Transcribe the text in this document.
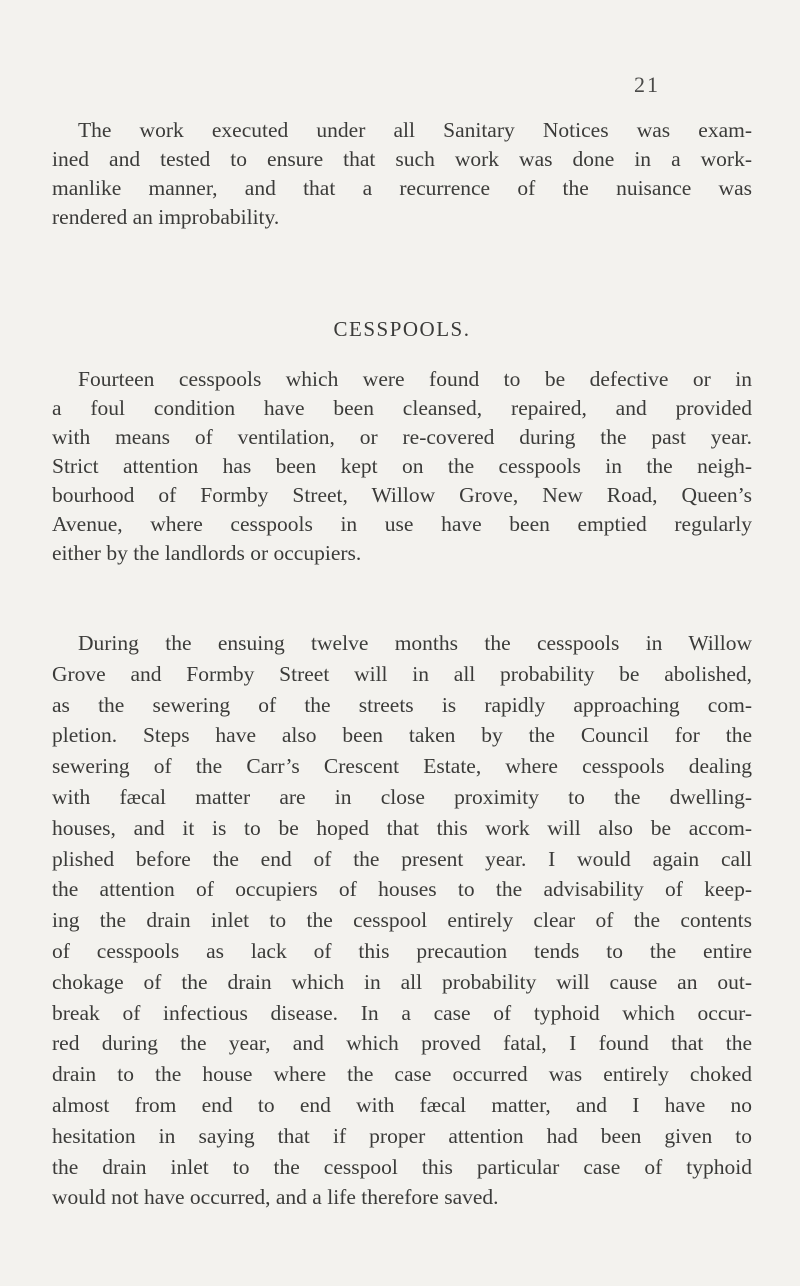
21
The work executed under all Sanitary Notices was exam-
ined and tested to ensure that such work was done in a work-
manlike manner, and that a recurrence of the nuisance was
rendered an improbability.
CESSPOOLS.
Fourteen cesspools which were found to be defective or in
a foul condition have been cleansed, repaired, and provided
with means of ventilation, or re-covered during the past year.
Strict attention has been kept on the cesspools in the neigh-
bourhood of Formby Street, Willow Grove, New Road, Queen’s
Avenue, where cesspools in use have been emptied regularly
either by the landlords or occupiers.
During the ensuing twelve months the cesspools in Willow
Grove and Formby Street will in all probability be abolished,
as the sewering of the streets is rapidly approaching com-
pletion. Steps have also been taken by the Council for the
sewering of the Carr’s Crescent Estate, where cesspools dealing
with fæcal matter are in close proximity to the dwelling-
houses, and it is to be hoped that this work will also be accom-
plished before the end of the present year. I would again call
the attention of occupiers of houses to the advisability of keep-
ing the drain inlet to the cesspool entirely clear of the contents
of cesspools as lack of this precaution tends to the entire
chokage of the drain which in all probability will cause an out-
break of infectious disease. In a case of typhoid which occur-
red during the year, and which proved fatal, I found that the
drain to the house where the case occurred was entirely choked
almost from end to end with fæcal matter, and I have no
hesitation in saying that if proper attention had been given to
the drain inlet to the cesspool this particular case of typhoid
would not have occurred, and a life therefore saved.
